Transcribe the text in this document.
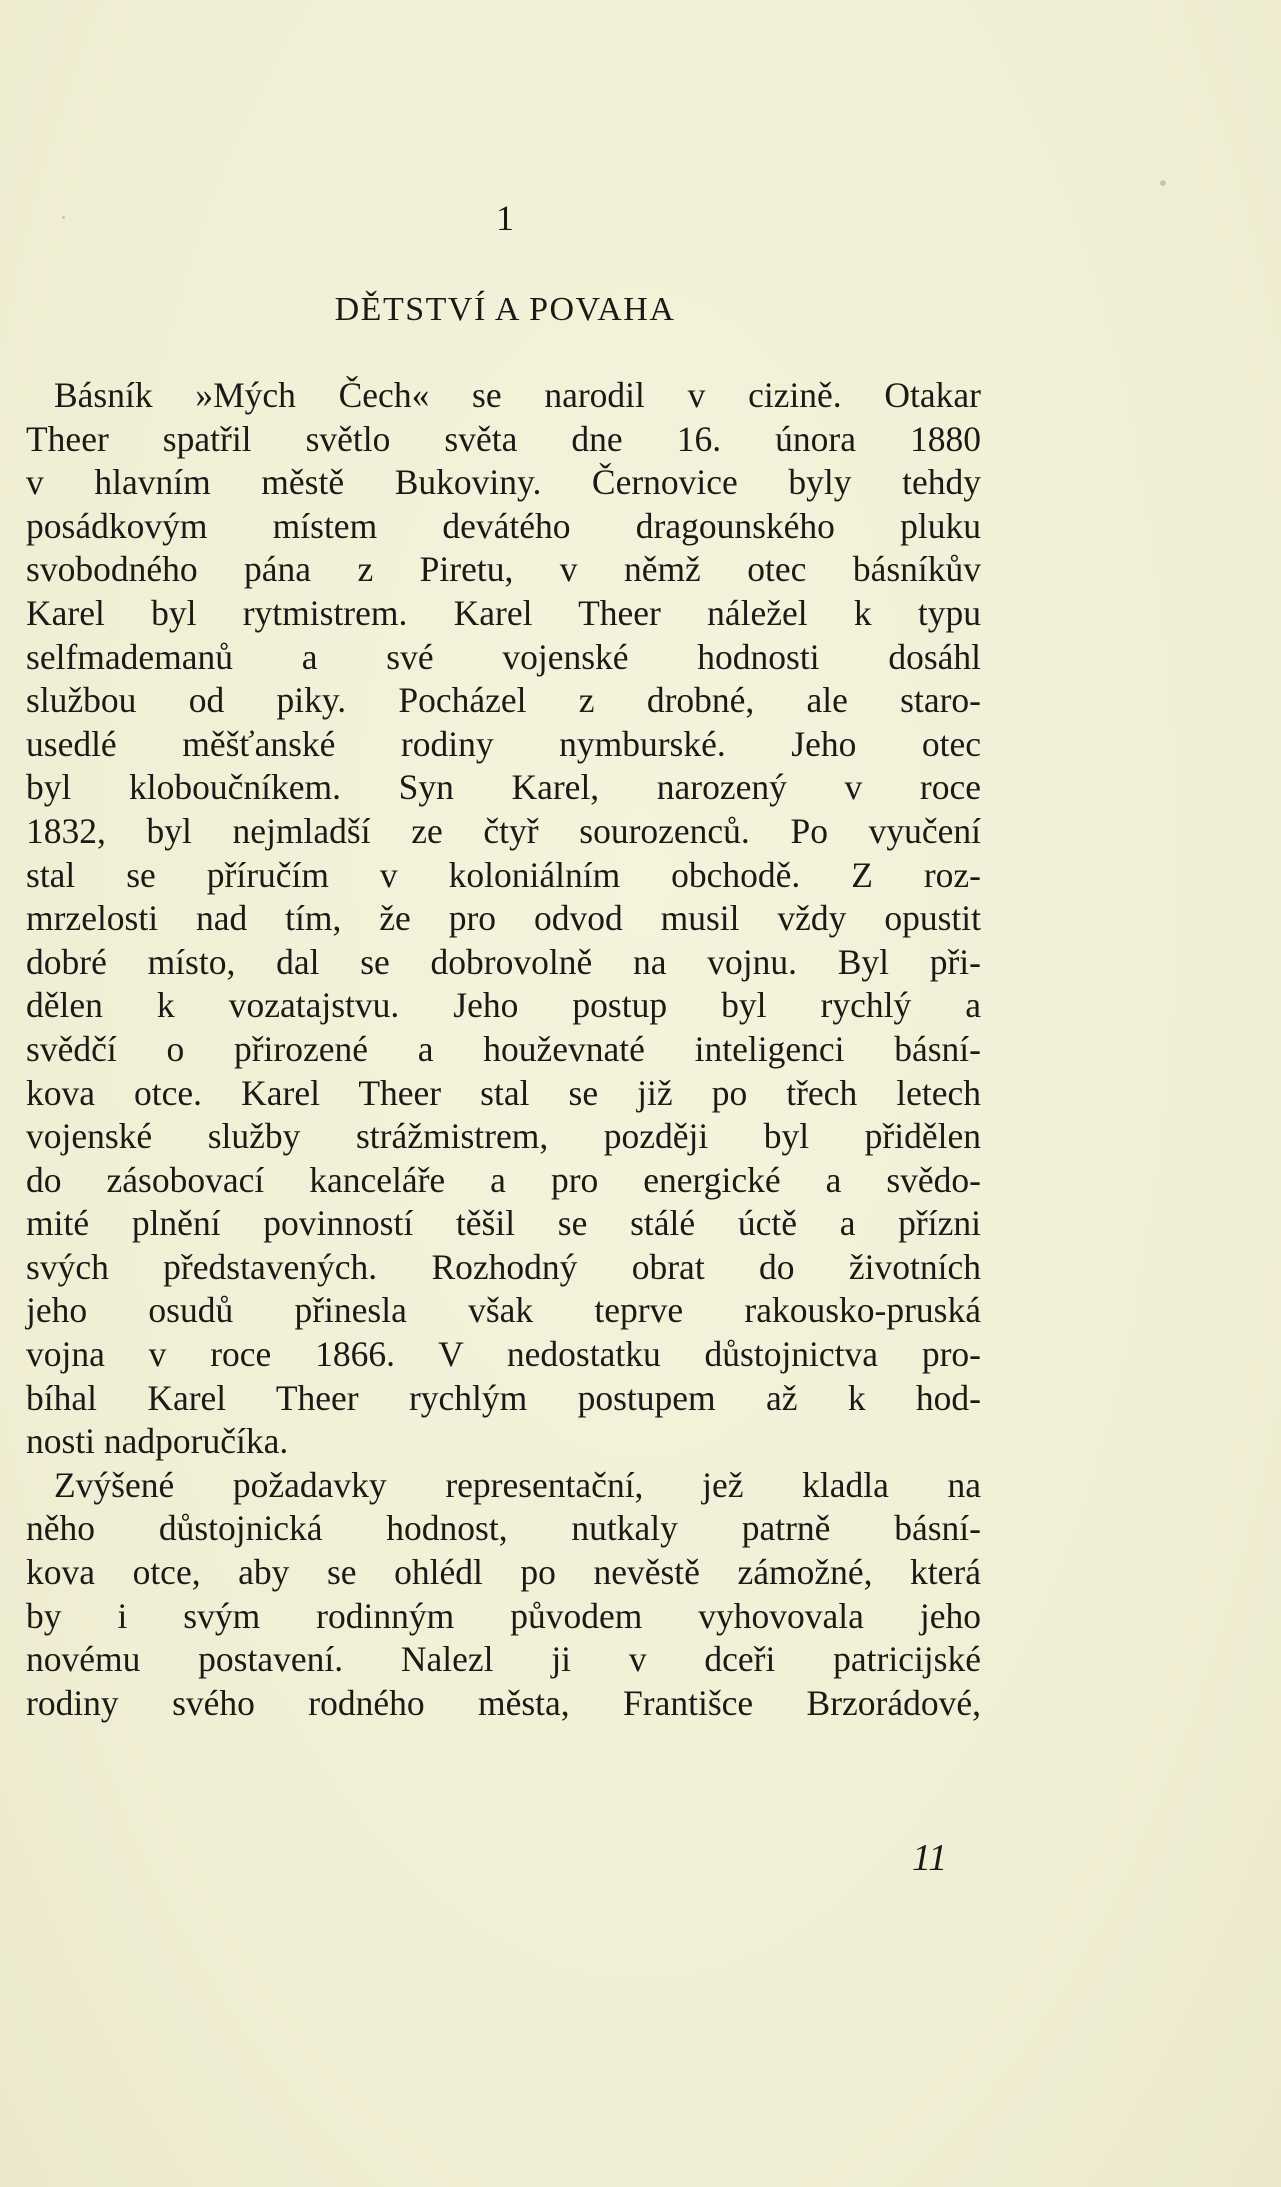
1
DĚTSTVÍ A POVAHA
Básník »Mých Čech« se narodil v cizině. Otakar
Theer spatřil světlo světa dne 16. února 1880
v hlavním městě Bukoviny. Černovice byly tehdy
posádkovým místem devátého dragounského pluku
svobodného pána z Piretu, v němž otec básníkův
Karel byl rytmistrem. Karel Theer náležel k typu
selfmademanů a své vojenské hodnosti dosáhl
službou od piky. Pocházel z drobné, ale staro-
usedlé měšťanské rodiny nymburské. Jeho otec
byl kloboučníkem. Syn Karel, narozený v roce
1832, byl nejmladší ze čtyř sourozenců. Po vyučení
stal se příručím v koloniálním obchodě. Z roz-
mrzelosti nad tím, že pro odvod musil vždy opustit
dobré místo, dal se dobrovolně na vojnu. Byl při-
dělen k vozatajstvu. Jeho postup byl rychlý a
svědčí o přirozené a houževnaté inteligenci básní-
kova otce. Karel Theer stal se již po třech letech
vojenské služby strážmistrem, později byl přidělen
do zásobovací kanceláře a pro energické a svědo-
mité plnění povinností těšil se stálé úctě a přízni
svých představených. Rozhodný obrat do životních
jeho osudů přinesla však teprve rakousko-pruská
vojna v roce 1866. V nedostatku důstojnictva pro-
bíhal Karel Theer rychlým postupem až k hod-
nosti nadporučíka.
Zvýšené požadavky representační, jež kladla na
něho důstojnická hodnost, nutkaly patrně básní-
kova otce, aby se ohlédl po nevěstě zámožné, která
by i svým rodinným původem vyhovovala jeho
novému postavení. Nalezl ji v dceři patricijské
rodiny svého rodného města, Františce Brzorádové,
11
